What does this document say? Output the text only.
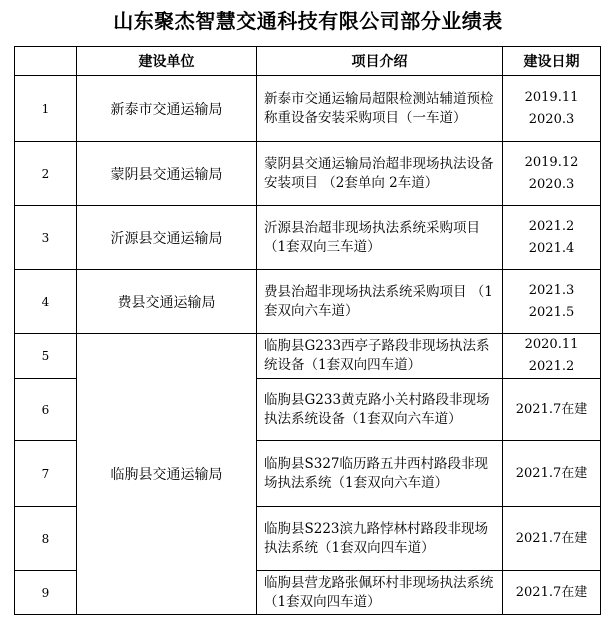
山东聚杰智慧交通科技有限公司部分业绩表
	建设单位	项目介绍	建设日期
1	新泰市交通运输局	新泰市交通运输局超限检测站辅道预检称重设备安装采购项目（一车道）	2019.11
2020.3

2	蒙阴县交通运输局	蒙阴县交通运输局治超非现场执法设备安装项目 （2套单向 2车道）	2019.12
2020.3

3	沂源县交通运输局	沂源县治超非现场执法系统采购项目 （1套双向三车道）	2021.2
2021.4

4	费县交通运输局	费县治超非现场执法系统采购项目 （1套双向六车道）	2021.3
2021.5

5	临朐县交通运输局	临朐县G233西亭子路段非现场执法系统设备（1套双向四车道）	2020.11
2021.2

6		临朐县G233黄克路小关村路段非现场执法系统设备（1套双向六车道）	2021.7在建
7		临朐县S327临历路五井西村路段非现场执法系统（1套双向六车道）	2021.7在建
8		临朐县S223滨九路悖林村路段非现场执法系统（1套双向四车道）	2021.7在建
9		临朐县营龙路张佩环村非现场执法系统（1套双向四车道）	2021.7在建
